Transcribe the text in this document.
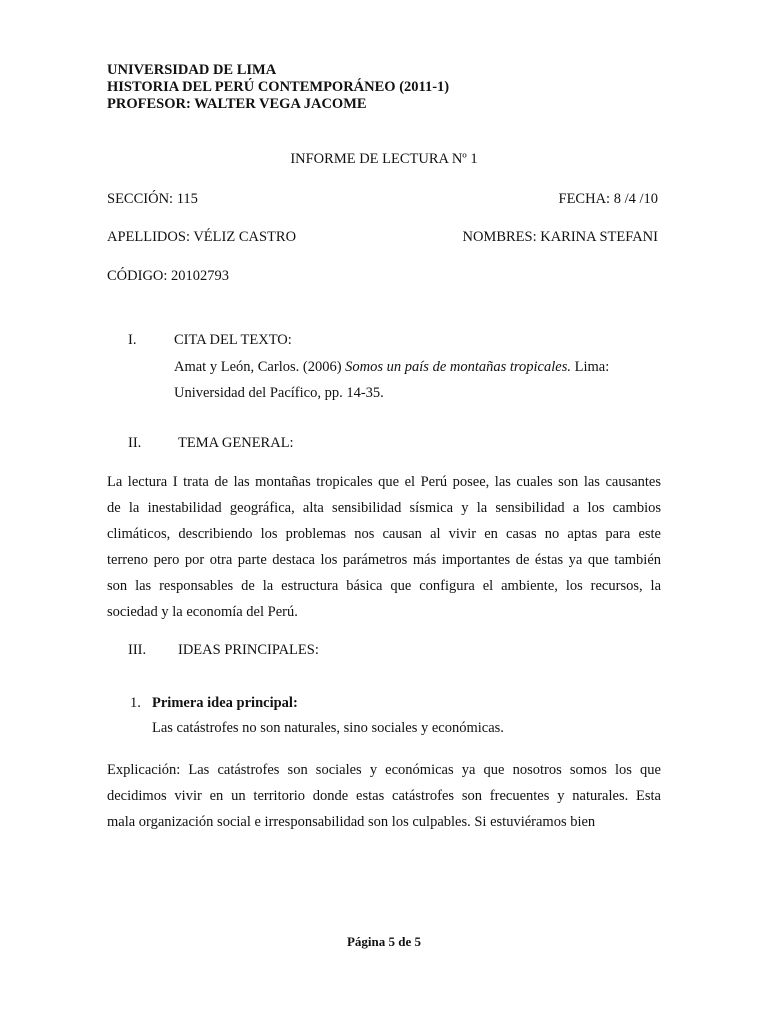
UNIVERSIDAD DE LIMA
HISTORIA DEL PERÚ CONTEMPORÁNEO (2011-1)
PROFESOR: WALTER VEGA JACOME
INFORME DE LECTURA Nº 1
SECCIÓN: 115	FECHA: 8 /4 /10
APELLIDOS: VÉLIZ CASTRO	NOMBRES: KARINA STEFANI
CÓDIGO: 20102793
I.	CITA DEL TEXTO:
Amat y León, Carlos. (2006) Somos un país de montañas tropicales. Lima:
Universidad del Pacífico, pp. 14-35.
II.	TEMA GENERAL:
La lectura I trata de las montañas tropicales que el Perú posee, las cuales son las causantes
de la inestabilidad geográfica, alta sensibilidad sísmica y la sensibilidad a los cambios
climáticos, describiendo los problemas nos causan al vivir en casas no aptas para este
terreno pero por otra parte destaca los parámetros más importantes de éstas ya que también
son las responsables de la estructura básica que configura el ambiente, los recursos, la
sociedad y la economía del Perú.
III. IDEAS PRINCIPALES:
1. Primera idea principal:
Las catástrofes no son naturales, sino sociales y económicas.
Explicación: Las catástrofes son sociales y económicas ya que nosotros somos los que
decidimos vivir en un territorio donde estas catástrofes son frecuentes y naturales. Esta
mala organización social e irresponsabilidad son los culpables. Si estuviéramos bien
Página 5 de 5
